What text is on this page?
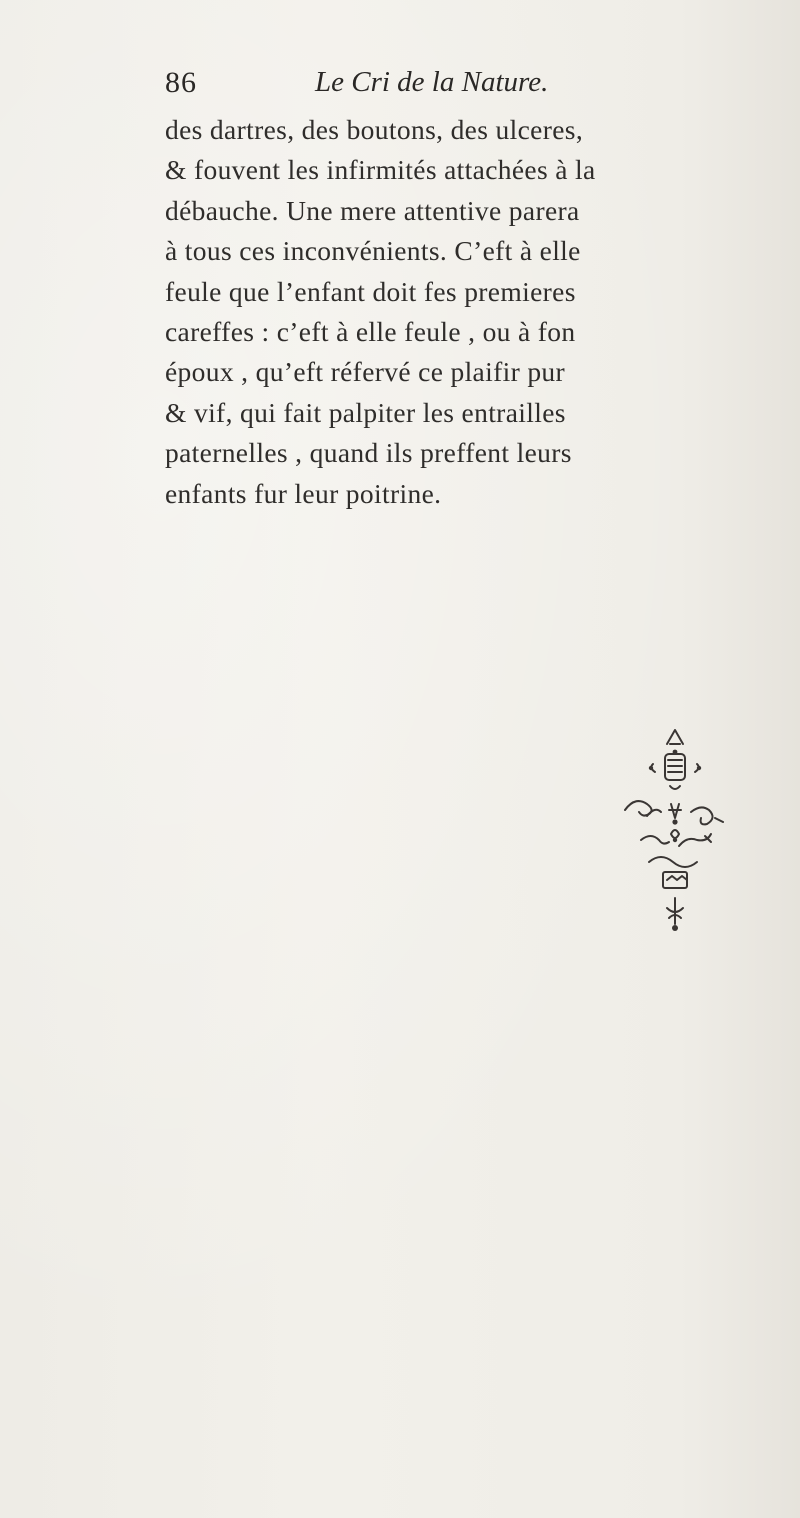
86	Le Cri de la Nature.
des dartres, des boutons, des ulceres,
& fouvent les infirmités attachées à la
débauche. Une mere attentive parera
à tous ces inconvénients. C’eft à elle
feule que l’enfant doit fes premieres
careffes : c’eft à elle feule , ou à fon
époux , qu’eft réfervé ce plaifir pur
& vif, qui fait palpiter les entrailles
paternelles , quand ils preffent leurs
enfants fur leur poitrine.
